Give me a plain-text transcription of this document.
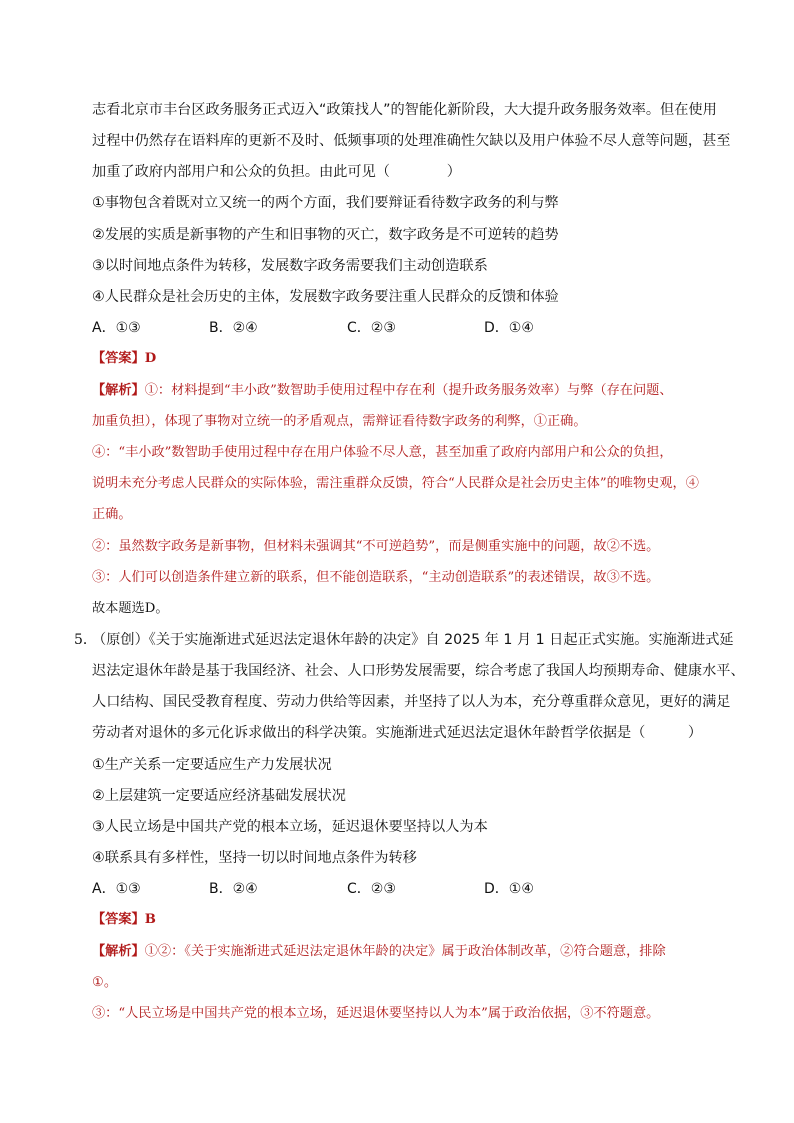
志看北京市丰台区政务服务正式迈入“政策找人”的智能化新阶段，大大提升政务服务效率。但在使用
过程中仍然存在语料库的更新不及时、低频事项的处理准确性欠缺以及用户体验不尽人意等问题，甚至
加重了政府内部用户和公众的负担。由此可见（　　　　）
①事物包含着既对立又统一的两个方面，我们要辩证看待数字政务的利与弊
②发展的实质是新事物的产生和旧事物的灭亡，数字政务是不可逆转的趋势
③以时间地点条件为转移，发展数字政务需要我们主动创造联系
④人民群众是社会历史的主体，发展数字政务要注重人民群众的反馈和体验
A．①③	B．②④	C．②③	D．①④
【答案】D
【解析】①：材料提到“丰小政”数智助手使用过程中存在利（提升政务服务效率）与弊（存在问题、
加重负担），体现了事物对立统一的矛盾观点，需辩证看待数字政务的利弊，①正确。
④：“丰小政”数智助手使用过程中存在用户体验不尽人意，甚至加重了政府内部用户和公众的负担，
说明未充分考虑人民群众的实际体验，需注重群众反馈，符合“人民群众是社会历史主体”的唯物史观，④
正确。
②：虽然数字政务是新事物，但材料未强调其“不可逆趋势”，而是侧重实施中的问题，故②不选。
③：人们可以创造条件建立新的联系，但不能创造联系，“主动创造联系”的表述错误，故③不选。
故本题选D。
5．
（原创）《关于实施渐进式延迟法定退休年龄的决定》自 2025 年 1 月 1 日起正式实施。实施渐进式延
迟法定退休年龄是基于我国经济、社会、人口形势发展需要，综合考虑了我国人均预期寿命、健康水平、
人口结构、国民受教育程度、劳动力供给等因素，并坚持了以人为本，充分尊重群众意见，更好的满足
劳动者对退休的多元化诉求做出的科学决策。实施渐进式延迟法定退休年龄哲学依据是（　　　）
①生产关系一定要适应生产力发展状况
②上层建筑一定要适应经济基础发展状况
③人民立场是中国共产党的根本立场，延迟退休要坚持以人为本
④联系具有多样性，坚持一切以时间地点条件为转移
A．①③	B．②④	C．②③	D．①④
【答案】B
【解析】①②：《关于实施渐进式延迟法定退休年龄的决定》属于政治体制改革，②符合题意，排除
①。
③：“人民立场是中国共产党的根本立场，延迟退休要坚持以人为本”属于政治依据，③不符题意。
